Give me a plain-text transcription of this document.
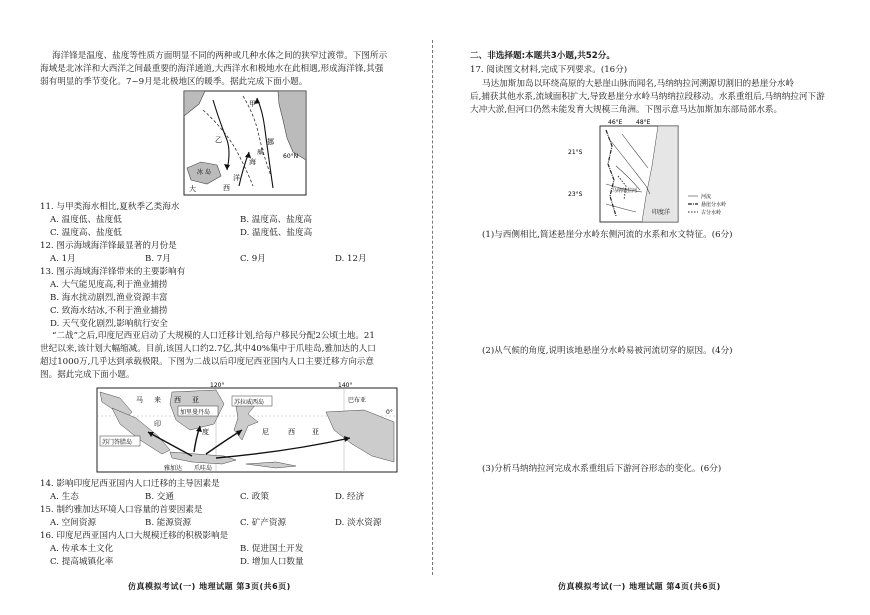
海洋锋是温度、盐度等性质方面明显不同的两种或几种水体之间的狭窄过渡带。下图所示
海域是北冰洋和大西洋之间最重要的海洋通道,大西洋水和极地水在此相遇,形成海洋锋,其强
弱有明显的季节变化。7~9月是北极地区的暖季。据此完成下面小题。
甲
乙
60°N
挪
威
海
大	西
洋
冰 岛
11. 与甲类海水相比,夏秋季乙类海水
A. 温度低、盐度低	B. 温度高、盐度高
C. 温度高、盐度低	D. 温度低、盐度高
12. 图示海域海洋锋最显著的月份是
A. 1月	B. 7月	C. 9月	D. 12月
13. 图示海域海洋锋带来的主要影响有
A. 大气能见度高,利于渔业捕捞
B. 海水扰动剧烈,渔业资源丰富
C. 致海水结冰,不利于渔业捕捞
D. 天气变化剧烈,影响航行安全
“二战”之后,印度尼西亚启动了大规模的人口迁移计划,给每户移民分配2公顷土地。21
世纪以来,该计划大幅缩减。目前,该国人口约2.7亿,其中40%集中于爪哇岛,雅加达的人口
超过1000万,几乎达到承载极限。下图为二战以后印度尼西亚国内人口主要迁移方向示意
图。据此完成下面小题。
120°	140°
0°
马 来 西 亚
加里曼丹岛
苏门答腊岛
印
度	尼	西 亚
苏拉威西岛
雅加达 爪哇岛
巴布亚
14. 影响印度尼西亚国内人口迁移的主导因素是
A. 生态	B. 交通	C. 政策	D. 经济
15. 制约雅加达环境人口容量的首要因素是
A. 空间资源	B. 能源资源	C. 矿产资源	D. 淡水资源
16. 印度尼西亚国内人口大规模迁移的积极影响是
A. 传承本土文化	B. 促进国土开发
C. 提高城镇化率	D. 增加人口数量
仿真模拟考试(一) 地理试题 第3页(共6页)
二、非选择题:本题共3小题,共52分。
17. 阅读图文材料,完成下列要求。(16分)
马达加斯加岛以环绕高原的大悬崖山脉而闻名,马纳纳拉河溯源切割旧的悬崖分水岭
后,捕获其他水系,流域面积扩大,导致悬崖分水岭马纳纳拉段移动。水系重组后,马纳纳拉河下游
大冲大淤,但河口仍然未能发育大规模三角洲。下图示意马达加斯加东部局部水系。
46°E 48°E
21°S
23°S	马纳纳拉河
印度洋
河流
悬崖分水岭
古分水岭
(1)与西侧相比,简述悬崖分水岭东侧河流的水系和水文特征。(6分)
(2)从气候的角度,说明该地悬崖分水岭易被河流切穿的原因。(4分)
(3)分析马纳纳拉河完成水系重组后下游河谷形态的变化。(6分)
仿真模拟考试(一) 地理试题 第4页(共6页)
